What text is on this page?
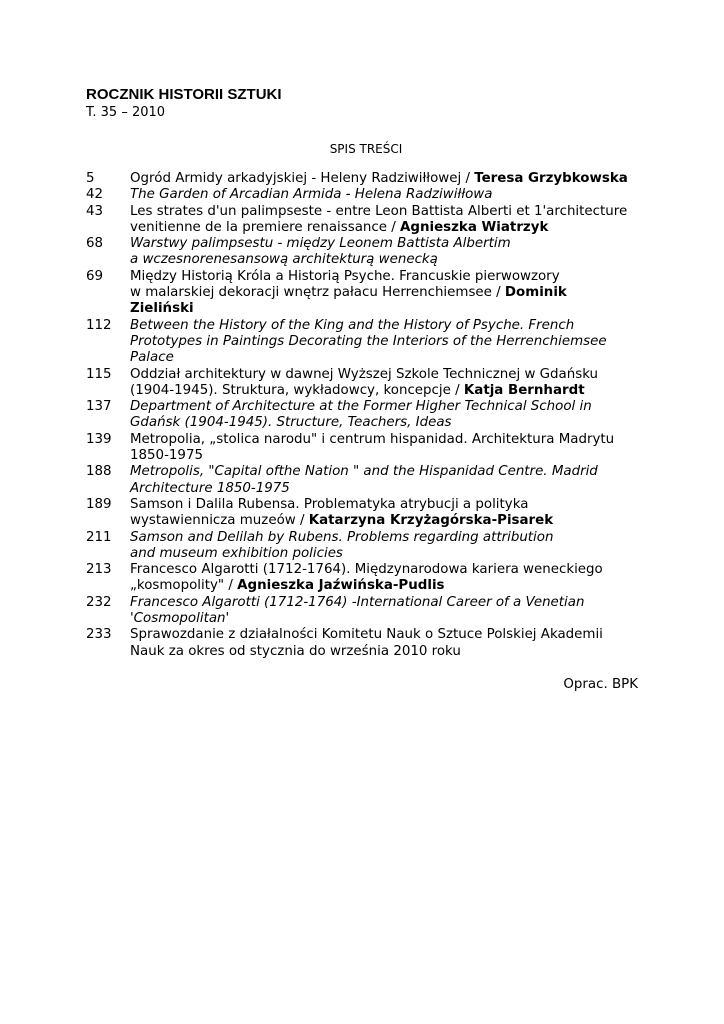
ROCZNIK HISTORII SZTUKI

T. 35 – 2010

SPIS TREŚCI

5	Ogród Armidy arkadyjskiej - Heleny Radziwiłłowej / Teresa Grzybkowska
42	The Garden of Arcadian Armida - Helena Radziwiłłowa
43	Les strates d'un palimpseste - entre Leon Battista Alberti et 1'architecture
venitienne de la premiere renaissance / Agnieszka Wiatrzyk
68	Warstwy palimpsestu - między Leonem Battista Albertim
a wczesnorenesansową architekturą wenecką
69	Między Historią Króla a Historią Psyche. Francuskie pierwowzory
w malarskiej dekoracji wnętrz pałacu Herrenchiemsee / Dominik
Zieliński
112	Between the History of the King and the History of Psyche. French
Prototypes in Paintings Decorating the Interiors of the Herrenchiemsee
Palace
115	Oddział architektury w dawnej Wyższej Szkole Technicznej w Gdańsku
(1904-1945). Struktura, wykładowcy, koncepcje / Katja Bernhardt
137	Department of Architecture at the Former Higher Technical School in
Gdańsk (1904-1945). Structure, Teachers, Ideas
139	Metropolia, „stolica narodu" i centrum hispanidad. Architektura Madrytu
1850-1975
188	Metropolis, "Capital ofthe Nation " and the Hispanidad Centre. Madrid
Architecture 1850-1975
189	Samson i Dalila Rubensa. Problematyka atrybucji a polityka
wystawiennicza muzeów / Katarzyna Krzyżagórska-Pisarek
211	Samson and Delilah by Rubens. Problems regarding attribution
and museum exhibition policies
213	Francesco Algarotti (1712-1764). Międzynarodowa kariera weneckiego
„kosmopolity" / Agnieszka Jaźwińska-Pudlis
232	Francesco Algarotti (1712-1764) -International Career of a Venetian
'Cosmopolitan'
233	Sprawozdanie z działalności Komitetu Nauk o Sztuce Polskiej Akademii
Nauk za okres od stycznia do września 2010 roku
Oprac. BPK
